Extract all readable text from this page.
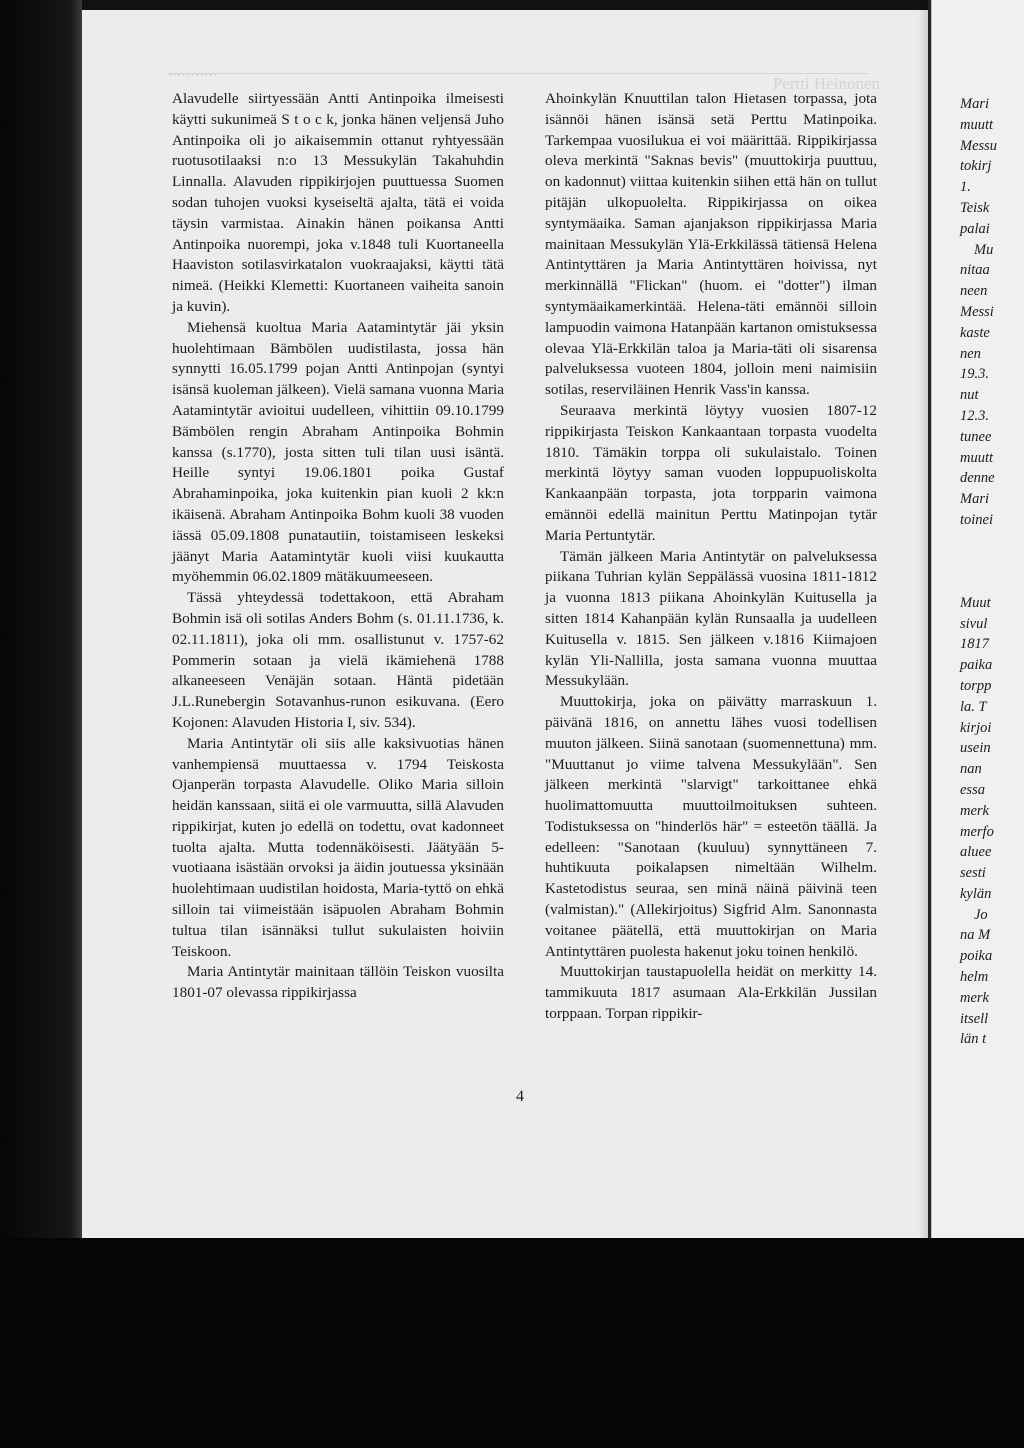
...........
Pertti Heinonen

Alavudelle siirtyessään Antti Antinpoika ilmeisesti käytti sukunimeä S t o c k, jonka hänen veljensä Juho Antinpoika oli jo aikaisemmin ottanut ryhtyessään ruotusotilaaksi n:o 13 Messukylän Takahuhdin Linnalla. Alavuden rippikirjojen puuttuessa Suomen sodan tuhojen vuoksi kyseiseltä ajalta, tätä ei voida täysin varmistaa. Ainakin hänen poikansa Antti Antinpoika nuorempi, joka v.1848 tuli Kuortaneella Haaviston sotilasvirkatalon vuokraajaksi, käytti tätä nimeä. (Heikki Klemetti: Kuortaneen vaiheita sanoin ja kuvin).

Miehensä kuoltua Maria Aatamintytär jäi yksin huolehtimaan Bämbölen uudistilasta, jossa hän synnytti 16.05.1799 pojan Antti Antinpojan (syntyi isänsä kuoleman jälkeen). Vielä samana vuonna Maria Aatamintytär avioitui uudelleen, vihittiin 09.10.1799 Bämbölen rengin Abraham Antinpoika Bohmin kanssa (s.1770), josta sitten tuli tilan uusi isäntä. Heille syntyi 19.06.1801 poika Gustaf Abrahaminpoika, joka kuitenkin pian kuoli 2 kk:n ikäisenä. Abraham Antinpoika Bohm kuoli 38 vuoden iässä 05.09.1808 punatautiin, toistamiseen leskeksi jäänyt Maria Aatamintytär kuoli viisi kuukautta myöhemmin 06.02.1809 mätäkuumeeseen.

Tässä yhteydessä todettakoon, että Abraham Bohmin isä oli sotilas Anders Bohm (s. 01.11.1736, k. 02.11.1811), joka oli mm. osallistunut v. 1757-62 Pommerin sotaan ja vielä ikämiehenä 1788 alkaneeseen Venäjän sotaan. Häntä pidetään J.L.Runebergin Sotavanhus-runon esikuvana. (Eero Kojonen: Alavuden Historia I, siv. 534).

Maria Antintytär oli siis alle kaksivuotias hänen vanhempiensä muuttaessa v. 1794 Teiskosta Ojanperän torpasta Alavudelle. Oliko Maria silloin heidän kanssaan, siitä ei ole varmuutta, sillä Alavuden rippikirjat, kuten jo edellä on todettu, ovat kadonneet tuolta ajalta. Mutta todennäköisesti. Jäätyään 5-vuotiaana isästään orvoksi ja äidin joutuessa yksinään huolehtimaan uudistilan hoidosta, Maria-tyttö on ehkä silloin tai viimeistään isäpuolen Abraham Bohmin tultua tilan isännäksi tullut sukulaisten hoiviin Teiskoon.

Maria Antintytär mainitaan tällöin Teiskon vuosilta 1801-07 olevassa rippikirjassa

Ahoinkylän Knuuttilan talon Hietasen torpassa, jota isännöi hänen isänsä setä Perttu Matinpoika. Tarkempaa vuosilukua ei voi määrittää. Rippikirjassa oleva merkintä "Saknas bevis" (muuttokirja puuttuu, on kadonnut) viittaa kuitenkin siihen että hän on tullut pitäjän ulkopuolelta. Rippikirjassa on oikea syntymäaika. Saman ajanjakson rippikirjassa Maria mainitaan Messukylän Ylä-Erkkilässä tätiensä Helena Antintyttären ja Maria Antintyttären hoivissa, nyt merkinnällä "Flickan" (huom. ei "dotter") ilman syntymäaikamerkintää. Helena-täti emännöi silloin lampuodin vaimona Hatanpään kartanon omistuksessa olevaa Ylä-Erkkilän taloa ja Maria-täti oli sisarensa palveluksessa vuoteen 1804, jolloin meni naimisiin sotilas, reserviläinen Henrik Vass'in kanssa.

Seuraava merkintä löytyy vuosien 1807-12 rippikirjasta Teiskon Kankaantaan torpasta vuodelta 1810. Tämäkin torppa oli sukulaistalo. Toinen merkintä löytyy saman vuoden loppupuoliskolta Kankaanpään torpasta, jota torpparin vaimona emännöi edellä mainitun Perttu Matinpojan tytär Maria Pertuntytär.

Tämän jälkeen Maria Antintytär on palveluksessa piikana Tuhrian kylän Seppälässä vuosina 1811-1812 ja vuonna 1813 piikana Ahoinkylän Kuitusella ja sitten 1814 Kahanpään kylän Runsaalla ja uudelleen Kuitusella v. 1815. Sen jälkeen v.1816 Kiimajoen kylän Yli-Nallilla, josta samana vuonna muuttaa Messukylään.

Muuttokirja, joka on päivätty marraskuun 1. päivänä 1816, on annettu lähes vuosi todellisen muuton jälkeen. Siinä sanotaan (suomennettuna) mm. "Muuttanut jo viime talvena Messukylään". Sen jälkeen merkintä "slarvigt" tarkoittanee ehkä huolimattomuutta muuttoilmoituksen suhteen. Todistuksessa on "hinderlös här" = esteetön täällä. Ja edelleen: "Sanotaan (kuuluu) synnyttäneen 7. huhtikuuta poikalapsen nimeltään Wilhelm. Kastetodistus seuraa, sen minä näinä päivinä teen (valmistan)." (Allekirjoitus) Sigfrid Alm. Sanonnasta voitanee päätellä, että muuttokirjan on Maria Antintyttären puolesta hakenut joku toinen henkilö.

Muuttokirjan taustapuolella heidät on merkitty 14. tammikuuta 1817 asumaan Ala-Erkkilän Jussilan torppaan. Torpan rippikir-

4
Mari
muutt
Messu
tokirj
1.
Teisk
palai
Mu
nitaa
neen
Messi
kaste
nen
19.3.
nut
12.3.
tunee
muutt
denne
Mari
toinei
Muut
sivul
1817
paika
torpp
la. T
kirjoi
usein
nan
essa
merk
merfo
aluee
sesti
kylän
Jo
na M
poika
helm
merk
itsell
län t
